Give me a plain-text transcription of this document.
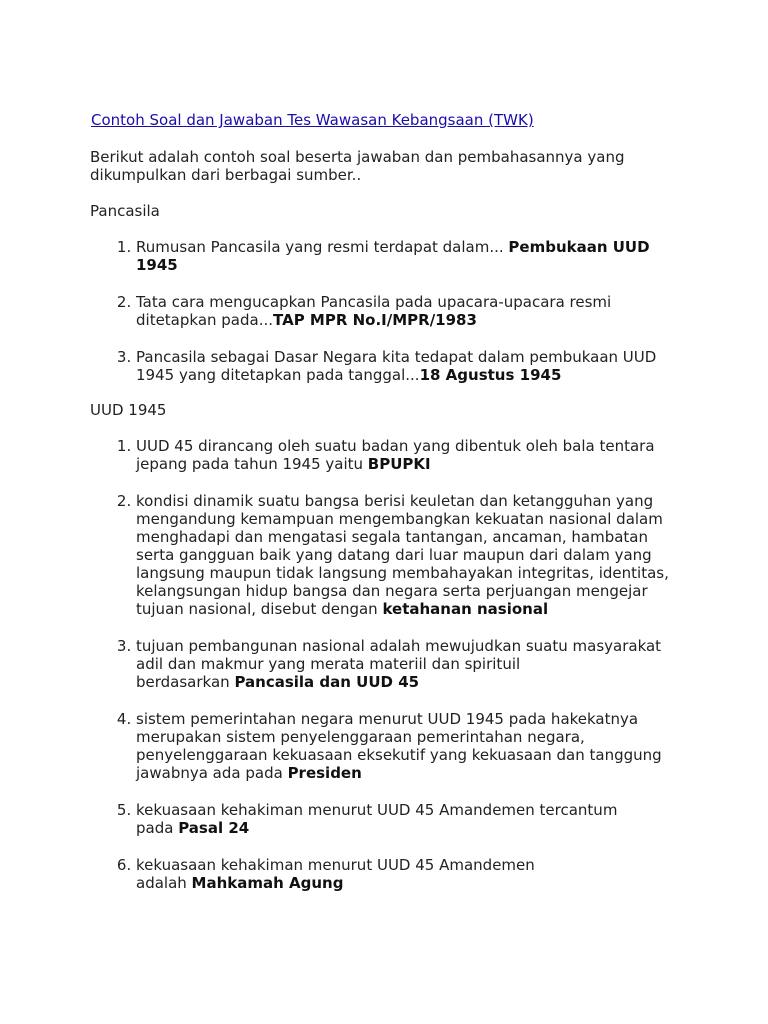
Contoh Soal dan Jawaban Tes Wawasan Kebangsaan (TWK)
Berikut adalah contoh soal beserta jawaban dan pembahasannya yang
dikumpulkan dari berbagai sumber..
Pancasila
1. Rumusan Pancasila yang resmi terdapat dalam... Pembukaan UUD
1945
2. Tata cara mengucapkan Pancasila pada upacara-upacara resmi
ditetapkan pada...TAP MPR No.I/MPR/1983
3. Pancasila sebagai Dasar Negara kita tedapat dalam pembukaan UUD
1945 yang ditetapkan pada tanggal...18 Agustus 1945
UUD 1945
1. UUD 45 dirancang oleh suatu badan yang dibentuk oleh bala tentara
jepang pada tahun 1945 yaitu BPUPKI
2. kondisi dinamik suatu bangsa berisi keuletan dan ketangguhan yang
mengandung kemampuan mengembangkan kekuatan nasional dalam
menghadapi dan mengatasi segala tantangan, ancaman, hambatan
serta gangguan baik yang datang dari luar maupun dari dalam yang
langsung maupun tidak langsung membahayakan integritas, identitas,
kelangsungan hidup bangsa dan negara serta perjuangan mengejar
tujuan nasional, disebut dengan ketahanan nasional
3. tujuan pembangunan nasional adalah mewujudkan suatu masyarakat
adil dan makmur yang merata materiil dan spirituil
berdasarkan Pancasila dan UUD 45
4. sistem pemerintahan negara menurut UUD 1945 pada hakekatnya
merupakan sistem penyelenggaraan pemerintahan negara,
penyelenggaraan kekuasaan eksekutif yang kekuasaan dan tanggung
jawabnya ada pada Presiden
5. kekuasaan kehakiman menurut UUD 45 Amandemen tercantum
pada Pasal 24
6. kekuasaan kehakiman menurut UUD 45 Amandemen
adalah Mahkamah Agung
